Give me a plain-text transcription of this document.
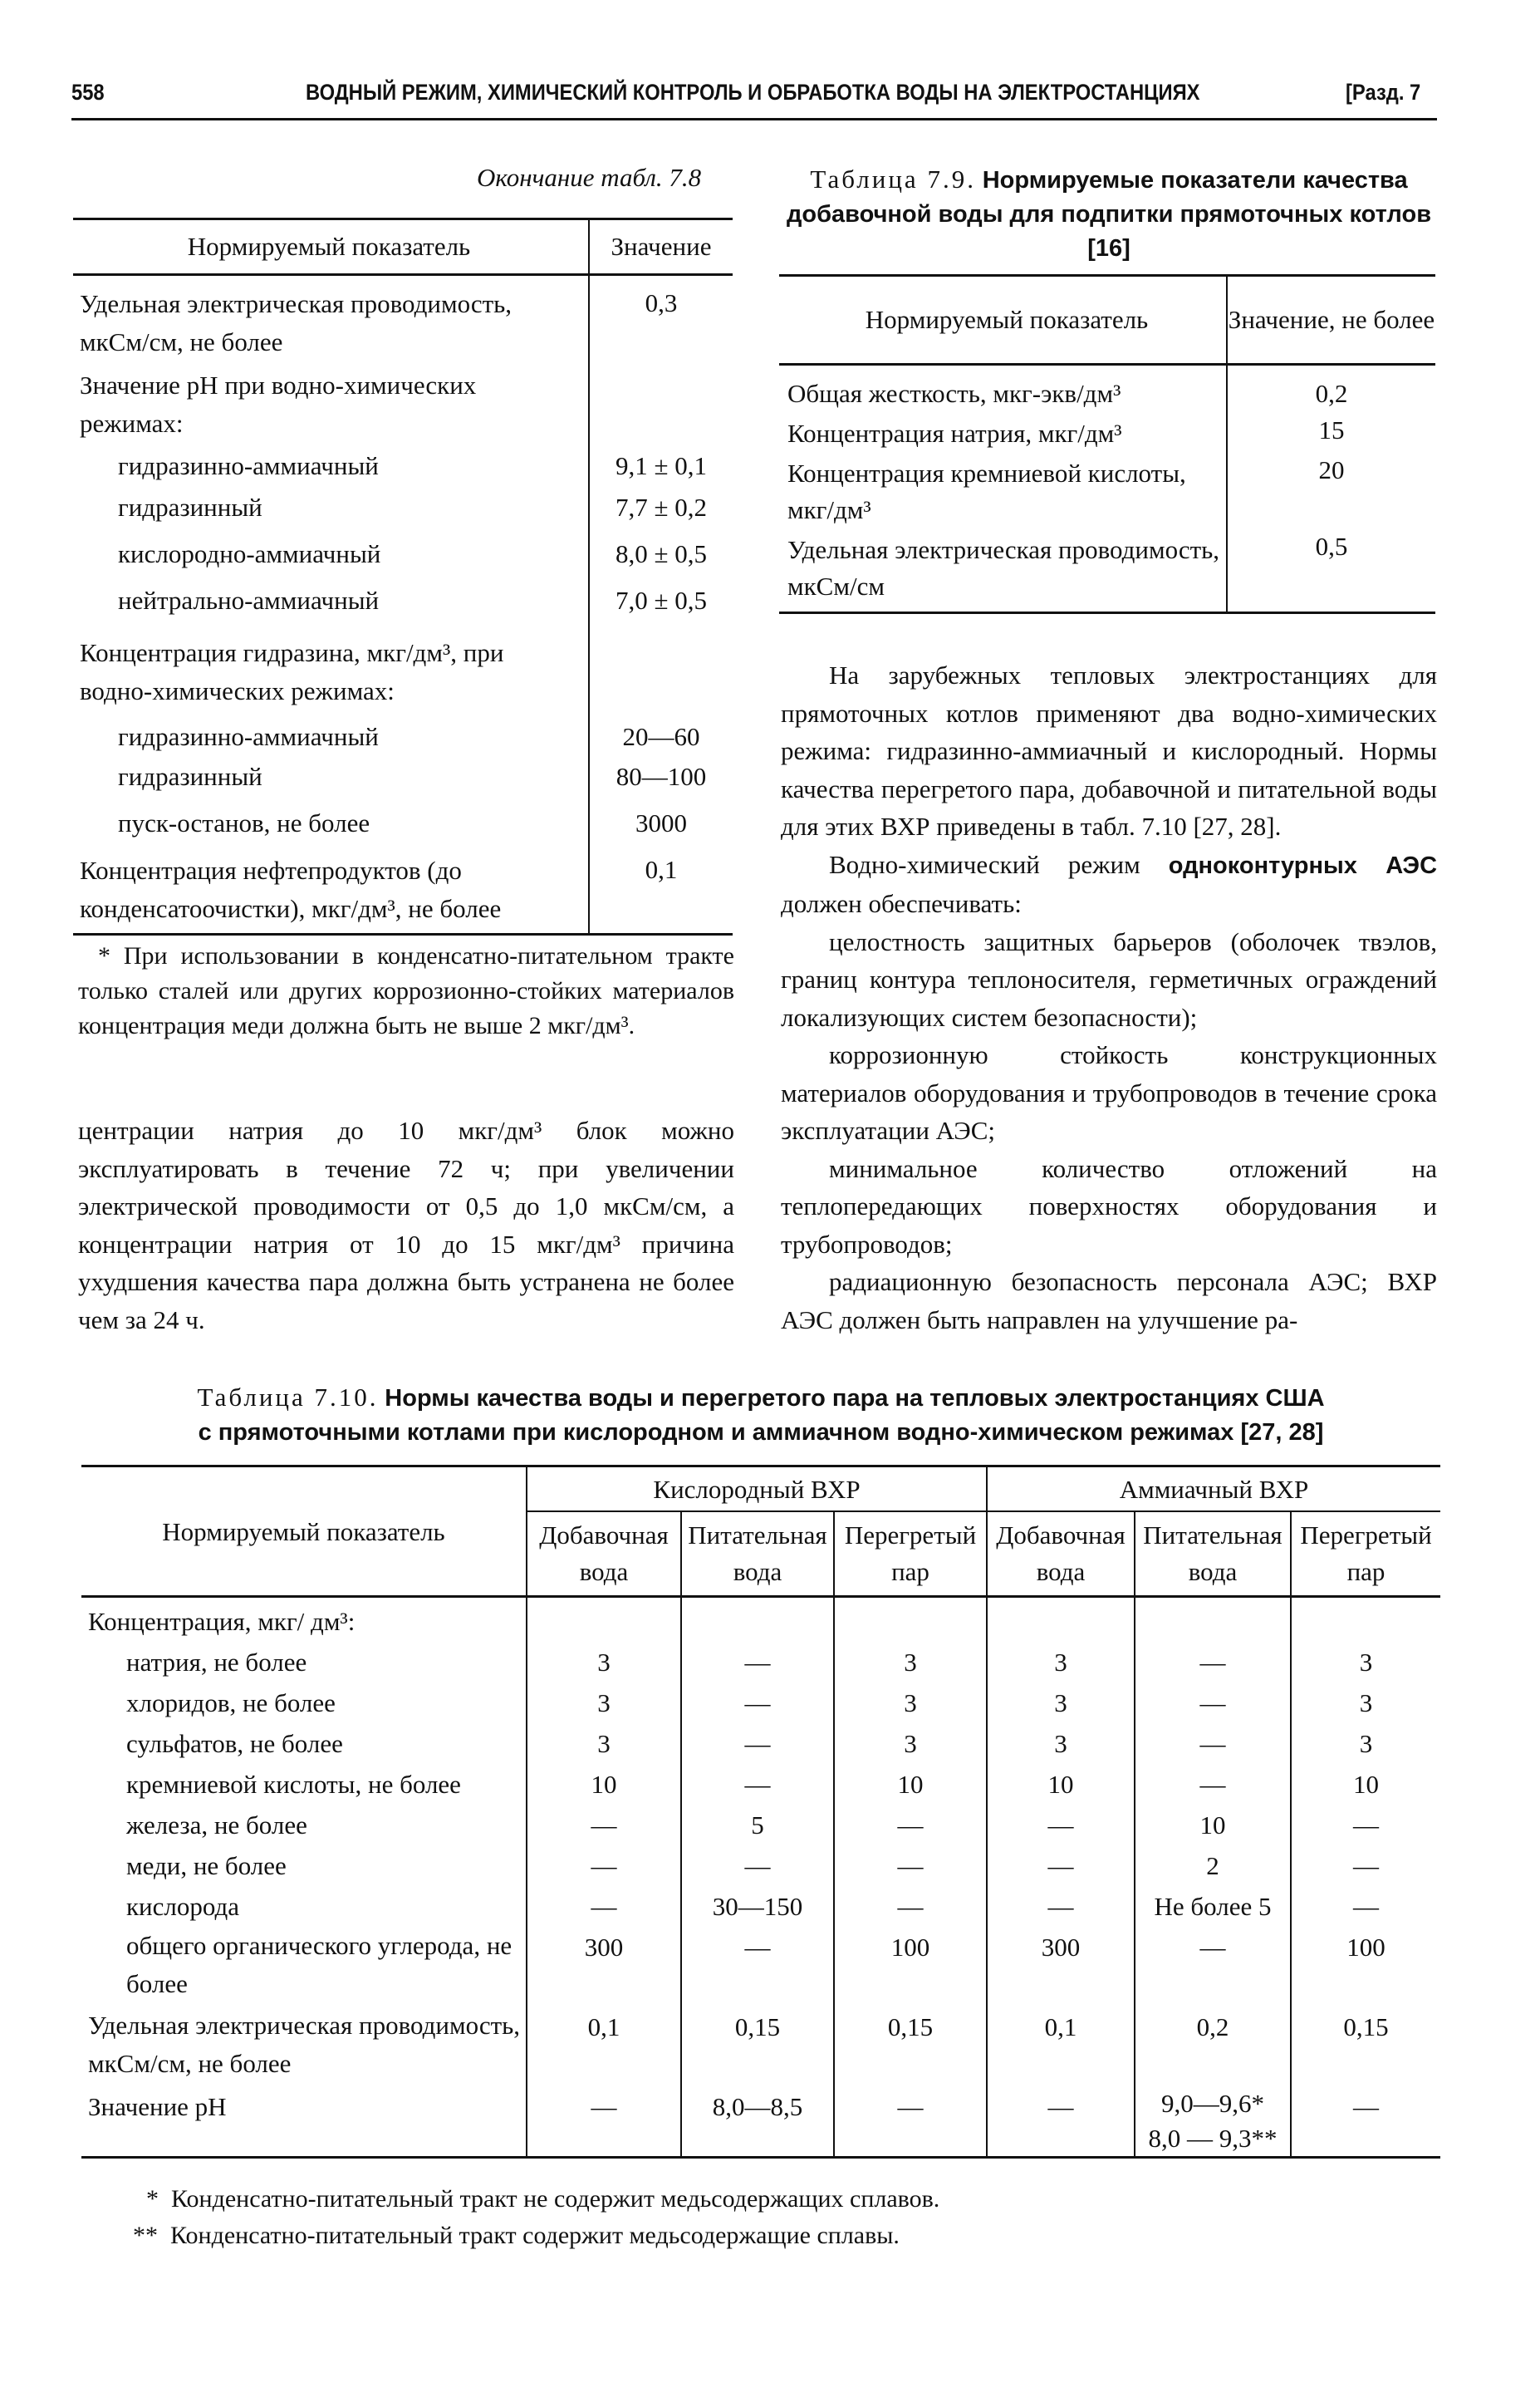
558	ВОДНЫЙ РЕЖИМ, ХИМИЧЕСКИЙ КОНТРОЛЬ И ОБРАБОТКА ВОДЫ НА ЭЛЕКТРОСТАНЦИЯХ	[Разд. 7
Окончание табл. 7.8
Нормируемый показатель	Значение

Удельная электрическая проводимость, мкСм/см, не более	0,3
Значение pH при водно-химических режимах:	
гидразинно-аммиачный	9,1 ± 0,1
гидразинный	7,7 ± 0,2
кислородно-аммиачный	8,0 ± 0,5
нейтрально-аммиачный	7,0 ± 0,5
Концентрация гидразина, мкг/дм³, при водно-химических режимах:	
гидразинно-аммиачный	20—60
гидразинный	80—100
пуск-останов, не более	3000
Концентрация нефтепродуктов (до конденсатоочистки), мкг/дм³, не более	0,1
* При использовании в конденсатно-питательном тракте только сталей или других коррозионно-стойких материалов концентрация меди должна быть не выше 2 мкг/дм³.
центрации натрия до 10 мкг/дм³ блок можно эксплуатировать в течение 72 ч; при увеличении электрической проводимости от 0,5 до 1,0 мкСм/см, а концентрации натрия от 10 до 15 мкг/дм³ причина ухудшения качества пара должна быть устранена не более чем за 24 ч.
Таблица 7.9. Нормируемые показатели качества добавочной воды для подпитки прямоточных котлов [16]
Нормируемый показатель	Значение, не более
Общая жесткость, мкг-экв/дм³	0,2
Концентрация натрия, мкг/дм³	15
Концентрация кремниевой кислоты, мкг/дм³	20
Удельная электрическая проводимость, мкСм/см	0,5

На зарубежных тепловых электростанциях для прямоточных котлов применяют два водно-химических режима: гидразинно-аммиачный и кислородный. Нормы качества перегретого пара, добавочной и питательной воды для этих ВХР приведены в табл. 7.10 [27, 28].

Водно-химический режим одноконтурных АЭС должен обеспечивать:

целостность защитных барьеров (оболочек твэлов, границ контура теплоносителя, герметичных ограждений локализующих систем безопасности);

коррозионную стойкость конструкционных материалов оборудования и трубопроводов в течение срока эксплуатации АЭС;

минимальное количество отложений на теплопередающих поверхностях оборудования и трубопроводов;

радиационную безопасность персонала АЭС; ВХР АЭС должен быть направлен на улучшение ра-

Таблица 7.10. Нормы качества воды и перегретого пара на тепловых электростанциях США
с прямоточными котлами при кислородном и аммиачном водно-химическом режимах [27, 28]
Нормируемый показатель	Кислородный ВХР			Аммиачный ВХР		
	Добавочная вода	Питательная вода	Перегретый пар	Добавочная вода	Питательная вода	Перегретый пар
Концентрация, мкг/ дм³:						
натрия, не более	3	—	3	3	—	3
хлоридов, не более	3	—	3	3	—	3
сульфатов, не более	3	—	3	3	—	3
кремниевой кислоты, не более	10	—	10	10	—	10
железа, не более	—	5	—	—	10	—
меди, не более	—	—	—	—	2	—
кислорода	—	30—150	—	—	Не более 5	—
общего органического углерода, не более	300	—	100	300	—	100
Удельная электрическая проводимость, мкСм/см, не более	0,1	0,15	0,15	0,1	0,2	0,15
Значение pH	—	8,0—8,5	—	—	9,0—9,6*
8,0 — 9,3**	—
*  Конденсатно-питательный тракт не содержит медьсодержащих сплавов.
**  Конденсатно-питательный тракт содержит медьсодержащие сплавы.
